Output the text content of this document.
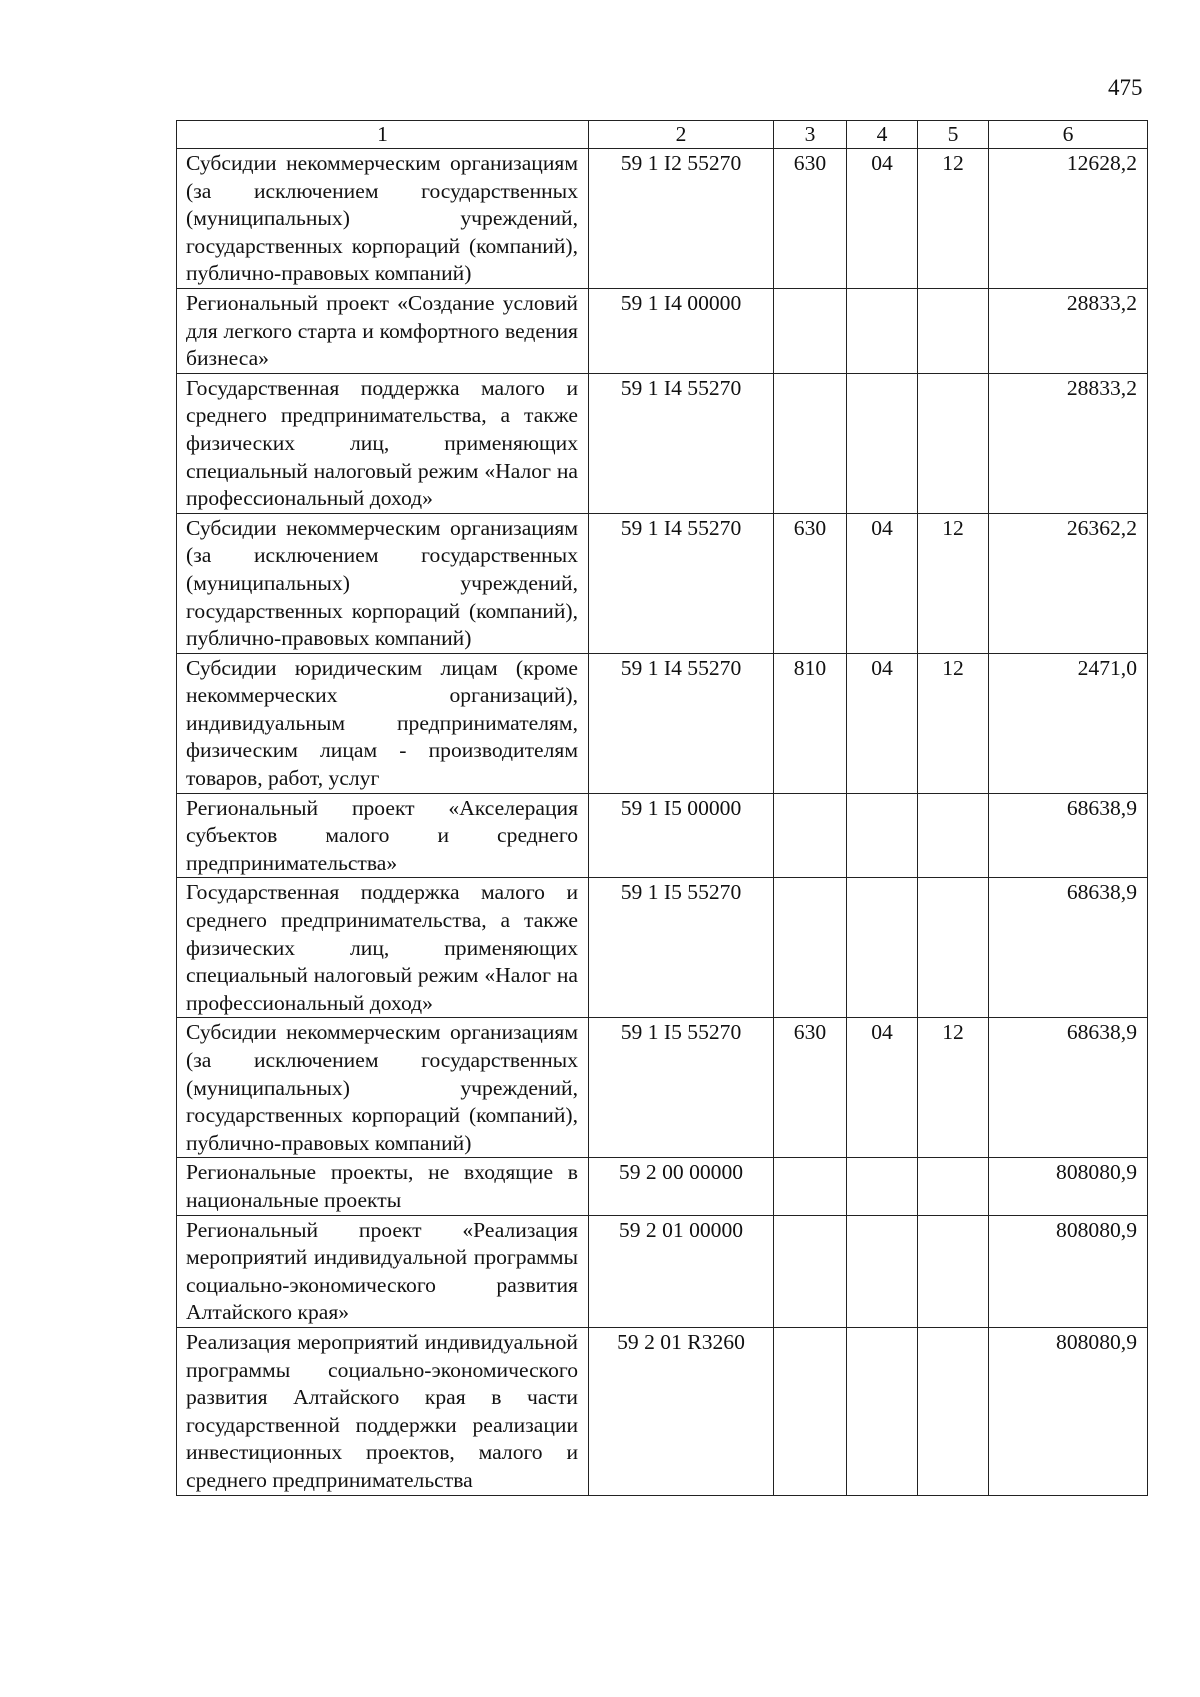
475
1	2	3	4	5	6
Субсидии некоммерческим организациям (за исключением государственных (муниципальных) учреждений, государственных корпораций (компаний), публично-правовых компаний)	59 1 I2 55270	630	04	12	12628,2
Региональный проект «Создание условий для легкого старта и комфортного ведения бизнеса»	59 1 I4 00000				28833,2
Государственная поддержка малого и среднего предпринимательства, а также физических лиц, применяющих специальный налоговый режим «Налог на профессиональный доход»	59 1 I4 55270				28833,2
Субсидии некоммерческим организациям (за исключением государственных (муниципальных) учреждений, государственных корпораций (компаний), публично-правовых компаний)	59 1 I4 55270	630	04	12	26362,2
Субсидии юридическим лицам (кроме некоммерческих организаций), индивидуальным предпринимателям, физическим лицам - производителям товаров, работ, услуг	59 1 I4 55270	810	04	12	2471,0
Региональный проект «Акселерация субъектов малого и среднего предпринимательства»	59 1 I5 00000				68638,9
Государственная поддержка малого и среднего предпринимательства, а также физических лиц, применяющих специальный налоговый режим «Налог на профессиональный доход»	59 1 I5 55270				68638,9
Субсидии некоммерческим организациям (за исключением государственных (муниципальных) учреждений, государственных корпораций (компаний), публично-правовых компаний)	59 1 I5 55270	630	04	12	68638,9
Региональные проекты, не входящие в национальные проекты	59 2 00 00000				808080,9
Региональный проект «Реализация мероприятий индивидуальной программы социально-экономического развития Алтайского края»	59 2 01 00000				808080,9
Реализация мероприятий индивидуальной программы социально-экономического развития Алтайского края в части государственной поддержки реализации инвестиционных проектов, малого и среднего предпринимательства	59 2 01 R3260				808080,9
